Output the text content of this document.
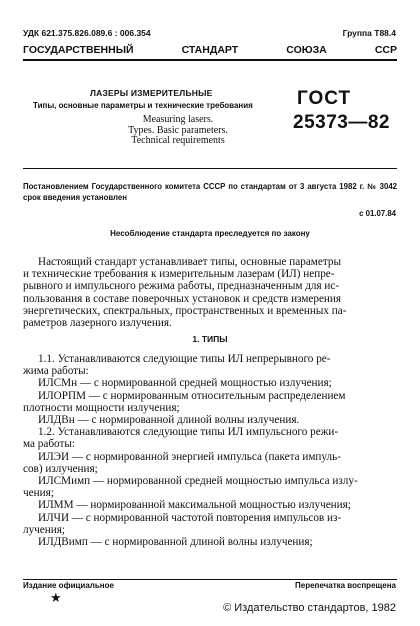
УДК 621.375.826.089.6 : 006.354	Группа Т88.4
ГОСУДАРСТВЕННЫЙ	СТАНДАРТ	СОЮЗА	ССР
ЛАЗЕРЫ ИЗМЕРИТЕЛЬНЫЕ
Типы, основные параметры и технические требования
Measuring lasers.
Types. Basic parameters.
Technical requirements
ГОСТ
25373—82
Постановлением Государственного комитета СССР по стандартам от 3 августа 1982 г. № 3042 срок введения установлен
с 01.07.84
Несоблюдение стандарта преследуется по закону
Настоящий стандарт устанавливает типы, основные параметры
и технические требования к измерительным лазерам (ИЛ) непре-
рывного и импульсного режима работы, предназначенным для ис-
пользования в составе поверочных установок и средств измерения
энергетических, спектральных, пространственных и временных па-
раметров лазерного излучения.
1. ТИПЫ
1.1. Устанавливаются следующие типы ИЛ непрерывного ре-
жима работы:
ИЛСМн — с нормированной средней мощностью излучения;
ИЛОРПМ — с нормированным относительным распределением
плотности мощности излучения;
ИЛДВн — с нормированной длиной волны излучения.
1.2. Устанавливаются следующие типы ИЛ импульсного режи-
ма работы:
ИЛЭИ — с нормированной энергией импульса (пакета импуль-
сов) излучения;
ИЛСМимп — нормированной средней мощностью импульса излу-
чения;
ИЛММ — нормированной максимальной мощностью излучения;
ИЛЧИ — с нормированной частотой повторения импульсов из-
лучения;
ИЛДВимп — с нормированной длиной волны излучения;
Издание официальное	Перепечатка воспрещена
★
© Издательство стандартов, 1982
